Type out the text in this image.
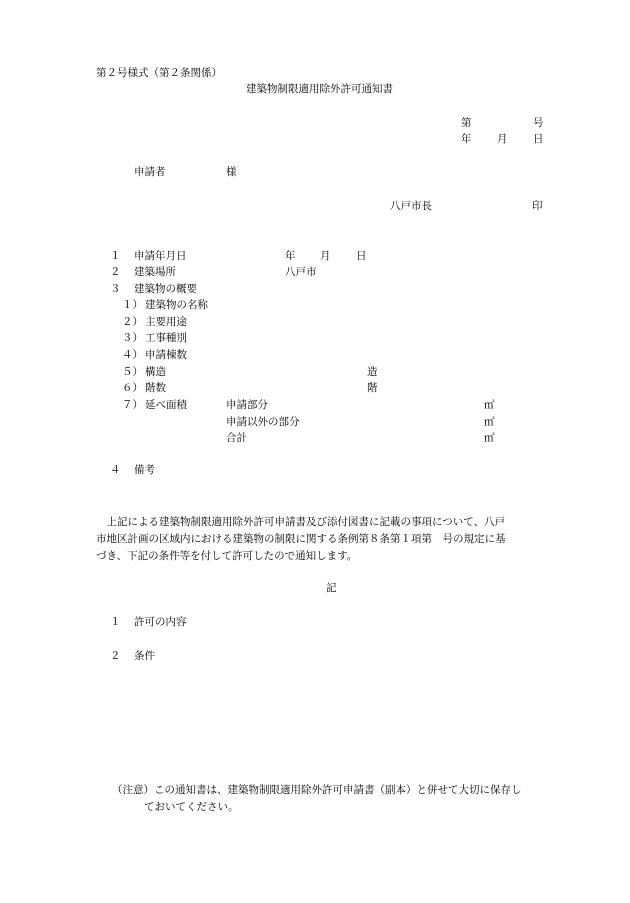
第２号様式（第２条関係）
建築物制限適用除外許可通知書
第	号
年 月 日
申請者	様
八戸市長	印
１ 申請年月日	年 月 日
２ 建築場所	八戸市
３ 建築物の概要
１） 建築物の名称
２） 主要用途
３） 工事種別
４） 申請棟数
５） 構造	造
６） 階数	階
７） 延べ面積	申請部分	㎡
申請以外の部分	㎡
合計	㎡
４ 備考
　上記による建築物制限適用除外許可申請書及び添付図書に記載の事項について、八戸
市地区計画の区域内における建築物の制限に関する条例第８条第１項第　号の規定に基
づき、下記の条件等を付して許可したので通知します。
記
１ 許可の内容
２ 条件
（注意）この通知書は、建築物制限適用除外許可申請書（副本）と併せて大切に保存し
ておいてください。
